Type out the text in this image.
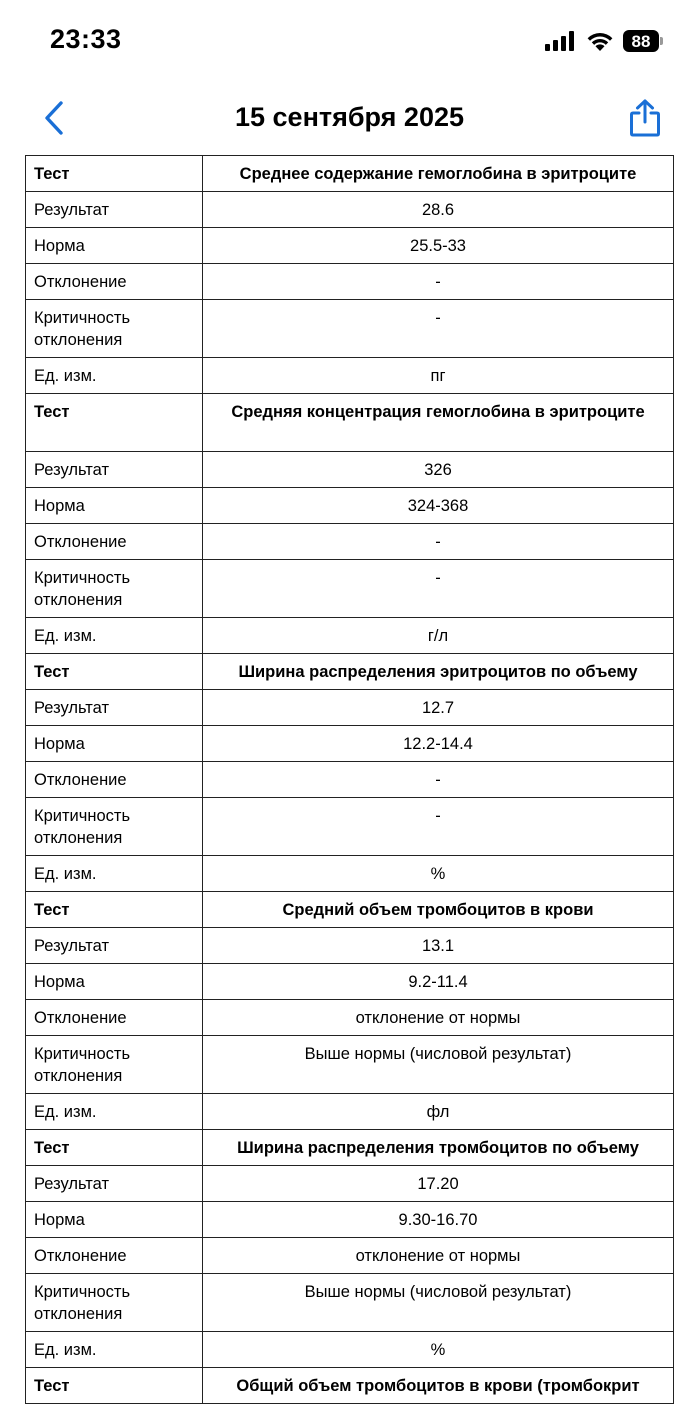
23:33	88
15 сентября 2025
Тест	Среднее содержание гемоглобина в эритроците
Результат	28.6
Норма	25.5-33
Отклонение	-
Критичность отклонения	-
Ед. изм.	пг
Тест	Средняя концентрация гемоглобина в эритроците
Результат	326
Норма	324-368
Отклонение	-
Критичность отклонения	-
Ед. изм.	г/л
Тест	Ширина распределения эритроцитов по объему
Результат	12.7
Норма	12.2-14.4
Отклонение	-
Критичность отклонения	-
Ед. изм.	%
Тест	Средний объем тромбоцитов в крови
Результат	13.1
Норма	9.2-11.4
Отклонение	отклонение от нормы
Критичность отклонения	Выше нормы (числовой результат)
Ед. изм.	фл
Тест	Ширина распределения тромбоцитов по объему
Результат	17.20
Норма	9.30-16.70
Отклонение	отклонение от нормы
Критичность отклонения	Выше нормы (числовой результат)
Ед. изм.	%
Тест	Общий объем тромбоцитов в крови (тромбокрит
